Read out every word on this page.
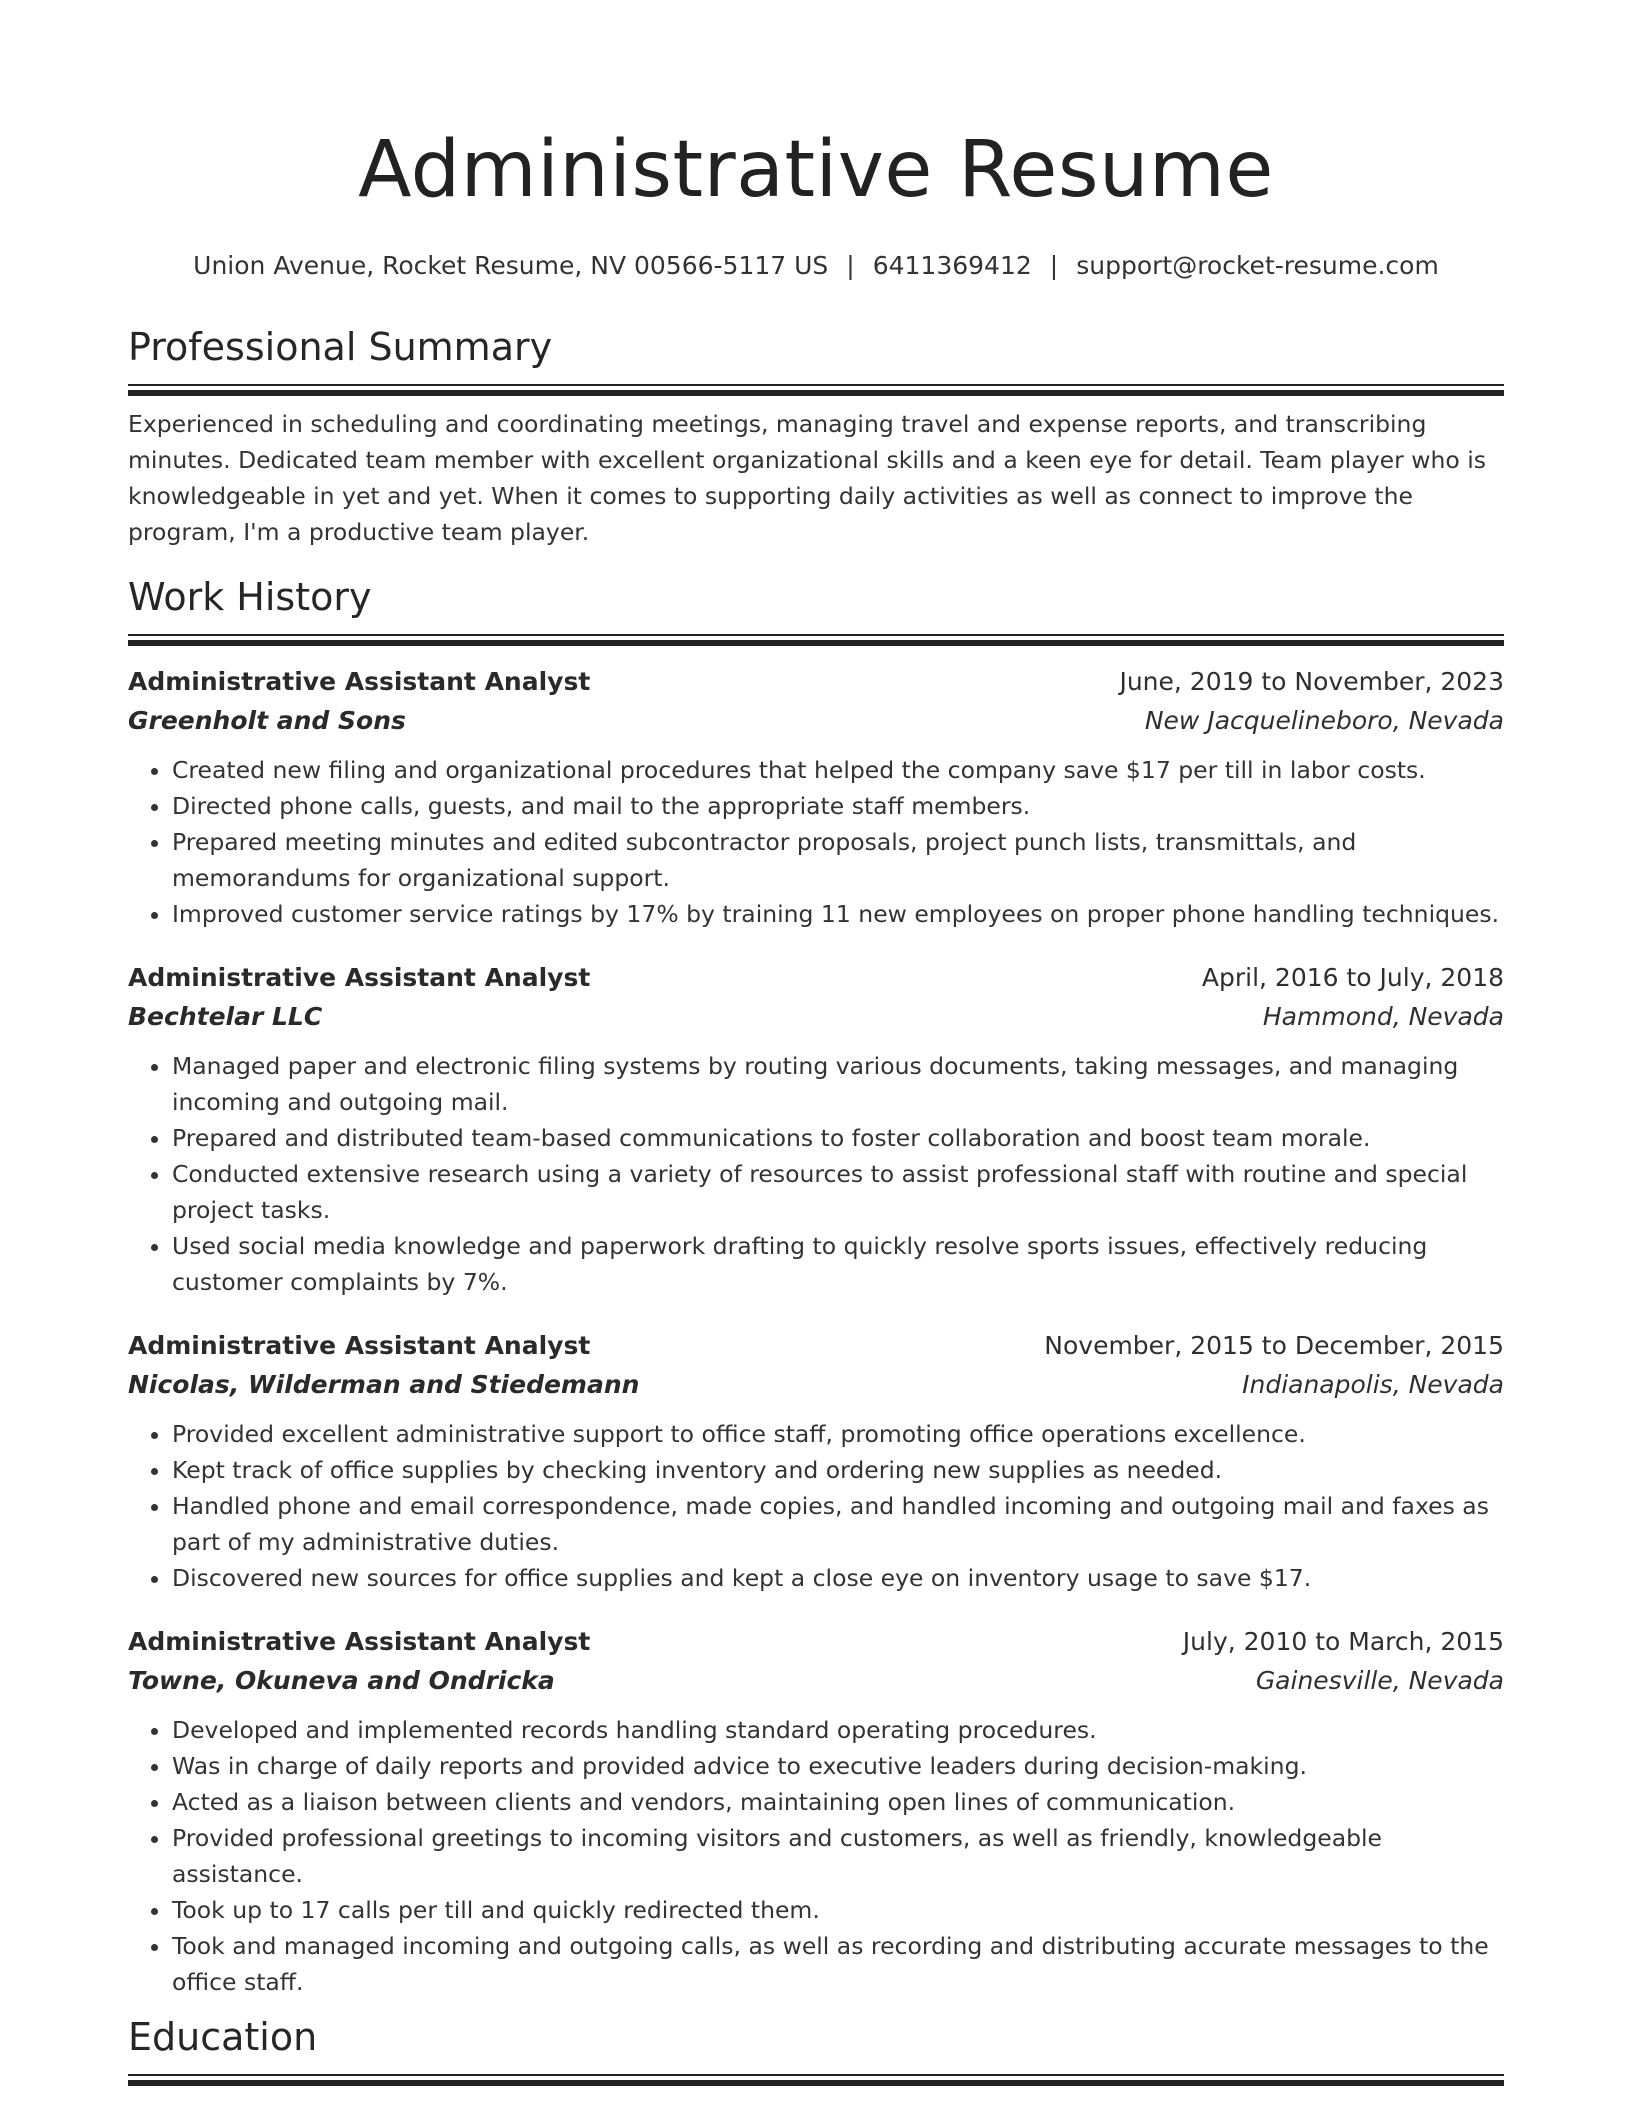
Administrative Resume
Union Avenue, Rocket Resume, NV 00566-5117 US | 6411369412 | support@rocket-resume.com
Professional Summary

Experienced in scheduling and coordinating meetings, managing travel and expense reports, and transcribing minutes. Dedicated team member with excellent organizational skills and a keen eye for detail. Team player who is knowledgeable in yet and yet. When it comes to supporting daily activities as well as connect to improve the program, I'm a productive team player.

Work History
Administrative Assistant Analyst	June, 2019 to November, 2023
Greenholt and Sons	New Jacquelineboro, Nevada
• Created new filing and organizational procedures that helped the company save $17 per till in labor costs.
• Directed phone calls, guests, and mail to the appropriate staff members.
• Prepared meeting minutes and edited subcontractor proposals, project punch lists, transmittals, and memorandums for organizational support.
• Improved customer service ratings by 17% by training 11 new employees on proper phone handling techniques.
Administrative Assistant Analyst	April, 2016 to July, 2018
Bechtelar LLC	Hammond, Nevada
• Managed paper and electronic filing systems by routing various documents, taking messages, and managing incoming and outgoing mail.
• Prepared and distributed team-based communications to foster collaboration and boost team morale.
• Conducted extensive research using a variety of resources to assist professional staff with routine and special project tasks.
• Used social media knowledge and paperwork drafting to quickly resolve sports issues, effectively reducing customer complaints by 7%.
Administrative Assistant Analyst	November, 2015 to December, 2015
Nicolas, Wilderman and Stiedemann	Indianapolis, Nevada
• Provided excellent administrative support to office staff, promoting office operations excellence.
• Kept track of office supplies by checking inventory and ordering new supplies as needed.
• Handled phone and email correspondence, made copies, and handled incoming and outgoing mail and faxes as part of my administrative duties.
• Discovered new sources for office supplies and kept a close eye on inventory usage to save $17.
Administrative Assistant Analyst	July, 2010 to March, 2015
Towne, Okuneva and Ondricka	Gainesville, Nevada
• Developed and implemented records handling standard operating procedures.
• Was in charge of daily reports and provided advice to executive leaders during decision-making.
• Acted as a liaison between clients and vendors, maintaining open lines of communication.
• Provided professional greetings to incoming visitors and customers, as well as friendly, knowledgeable assistance.
• Took up to 17 calls per till and quickly redirected them.
• Took and managed incoming and outgoing calls, as well as recording and distributing accurate messages to the office staff.
Education
